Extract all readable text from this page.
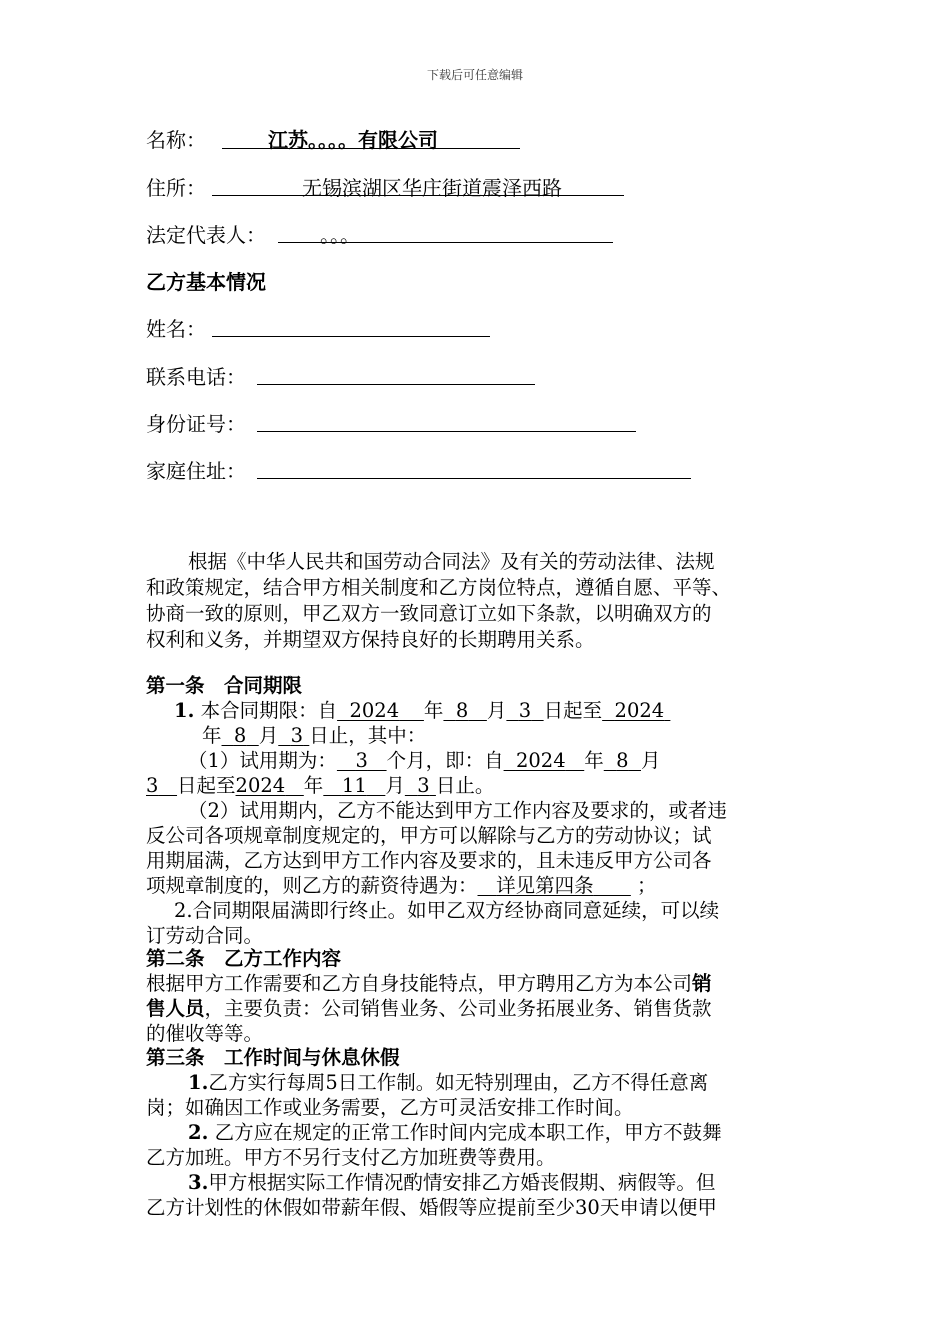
下载后可任意编辑
名称：	江苏。。。。有限公司
住所：	无锡滨湖区华庄街道震泽西路
法定代表人：	。。。
乙方基本情况
姓名：
联系电话：
身份证号：
家庭住址：
根据《中华人民共和国劳动合同法》及有关的劳动法律、法规
和政策规定，结合甲方相关制度和乙方岗位特点，遵循自愿、平等、
协商一致的原则，甲乙双方一致同意订立如下条款，以明确双方的
权利和义务，并期望双方保持良好的长期聘用关系。
第一条　合同期限
1. 本合同期限：自 2024 年 8 月 3 日起至 2024
年 8 月 3 日止，其中：
（1）试用期为： 3 个月，即：自 2024 年 8 月
3 日起至2024 年 11 月 3 日止。
（2）试用期内，乙方不能达到甲方工作内容及要求的，或者违
反公司各项规章制度规定的，甲方可以解除与乙方的劳动协议；试
用期届满，乙方达到甲方工作内容及要求的，且未违反甲方公司各
项规章制度的，则乙方的薪资待遇为： 详见第四条 ；
2.合同期限届满即行终止。如甲乙双方经协商同意延续，可以续
订劳动合同。
第二条　乙方工作内容
根据甲方工作需要和乙方自身技能特点，甲方聘用乙方为本公司销
售人员，主要负责：公司销售业务、公司业务拓展业务、销售货款
的催收等等。
第三条　工作时间与休息休假
1.乙方实行每周5日工作制。如无特别理由，乙方不得任意离
岗；如确因工作或业务需要，乙方可灵活安排工作时间。
2. 乙方应在规定的正常工作时间内完成本职工作，甲方不鼓舞
乙方加班。甲方不另行支付乙方加班费等费用。
3.甲方根据实际工作情况酌情安排乙方婚丧假期、病假等。但
乙方计划性的休假如带薪年假、婚假等应提前至少30天申请以便甲
